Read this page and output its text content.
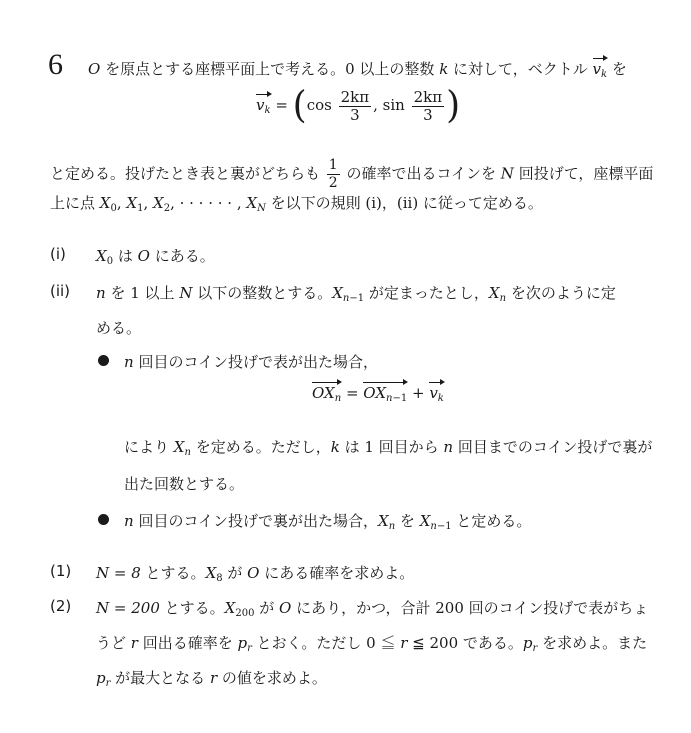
6 O を原点とする座標平面上で考える。0 以上の整数 k に対して，ベクトル $v_k$ を
$v_k = (\cos \frac{2k\pi}{3}$ , $\sin \frac{2k\pi}{3}$ )
と定める。投げたとき表と裏がどちらも $\frac{1}{2}$ の確率で出るコインを N 回投げて，座標平面
上に点 $X_0$, $X_1$, $X_2$, · · · · · · , $X_N$ を以下の規則 (i)，(ii) に従って定める。
(i) $X_0$ は O にある。
(ii) n を 1 以上 N 以下の整数とする。$X_{n-1}$ が定まったとし，$X_n$ を次のように定
める。
n 回目のコイン投げで表が出た場合，
$OX_n = OX_{n-1} + v_k$
により $X_n$ を定める。ただし，k は 1 回目から n 回目までのコイン投げで裏が
出た回数とする。
n 回目のコイン投げで裏が出た場合，$X_n$ を $X_{n-1}$ と定める。
(1) N = 8 とする。$X_8$ が O にある確率を求めよ。
(2) N = 200 とする。$X_{200}$ が O にあり，かつ，合計 200 回のコイン投げで表がちょ
うど r 回出る確率を $p_r$ とおく。ただし 0 ≦ r ≦ 200 である。$p_r$ を求めよ。また
$p_r$ が最大となる r の値を求めよ。
